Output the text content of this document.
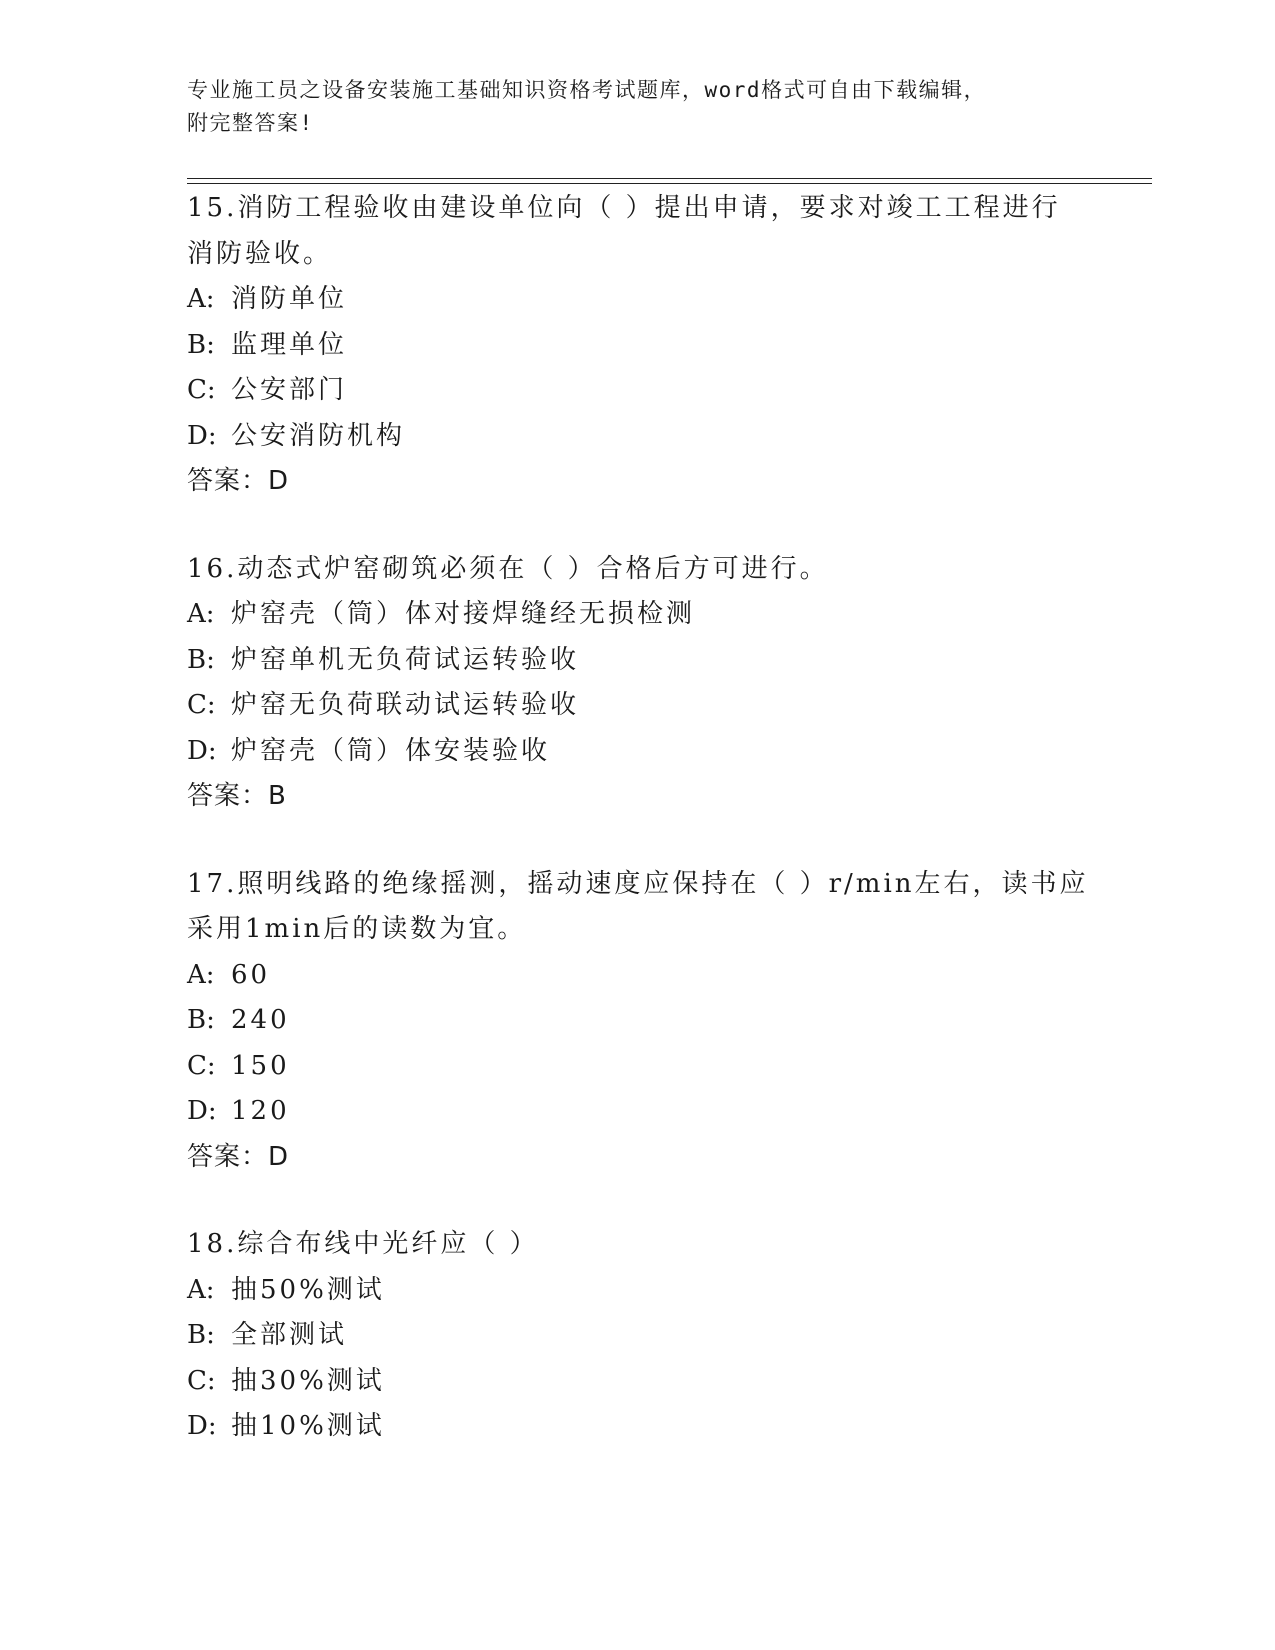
专业施工员之设备安装施工基础知识资格考试题库，word格式可自由下载编辑，
附完整答案!
15.消防工程验收由建设单位向（ ）提出申请，要求对竣工工程进行
消防验收。
A: 消防单位
B: 监理单位
C: 公安部门
D: 公安消防机构
答案：D
16.动态式炉窑砌筑必须在（ ）合格后方可进行。
A: 炉窑壳（筒）体对接焊缝经无损检测
B: 炉窑单机无负荷试运转验收
C: 炉窑无负荷联动试运转验收
D: 炉窑壳（筒）体安装验收
答案：B
17.照明线路的绝缘摇测，摇动速度应保持在（ ）r/min左右，读书应
采用1min后的读数为宜。
A: 60
B: 240
C: 150
D: 120
答案：D
18.综合布线中光纤应（ ）
A: 抽50%测试
B: 全部测试
C: 抽30%测试
D: 抽10%测试
